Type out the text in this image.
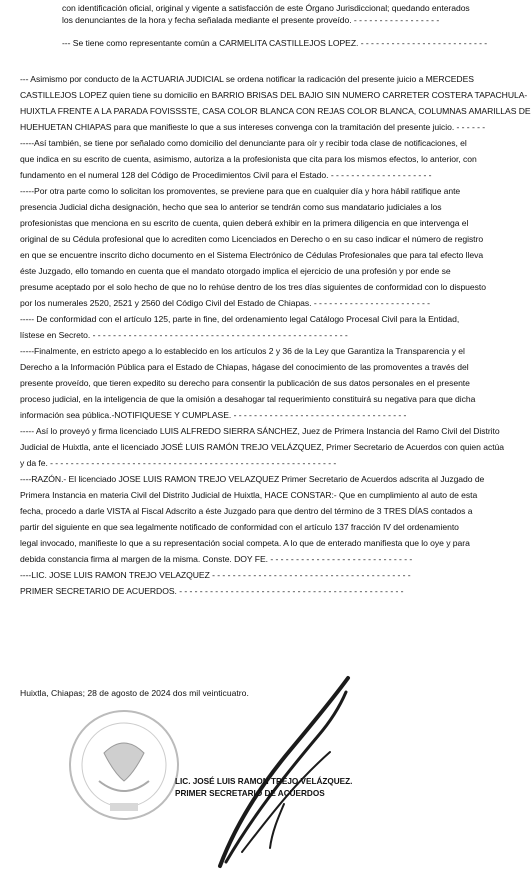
con identificación oficial, original y vigente a satisfacción de este Órgano Jurisdiccional; quedando enterados
los denunciantes de la hora y fecha señalada mediante el presente proveído. - - - - - - - - - - - - - - - - -
--- Se tiene como representante común a CARMELITA CASTILLEJOS LOPEZ. - - - - - - - - - - - - - - - - - - - - - - - - -
--- Asimismo por conducto de la ACTUARIA JUDICIAL se ordena notificar la radicación del presente juicio a MERCEDES
CASTILLEJOS LOPEZ quien tiene su domicilio en BARRIO BRISAS DEL BAJIO SIN NUMERO CARRETER COSTERA TAPACHULA-
HUIXTLA FRENTE A LA PARADA FOVISSSTE, CASA COLOR BLANCA CON REJAS COLOR BLANCA, COLUMNAS AMARILLAS DE
HUEHUETAN CHIAPAS para que manifieste lo que a sus intereses convenga con la tramitación del presente juicio. - - - - - -
-----Así también, se tiene por señalado como domicilio del denunciante para oír y recibir toda clase de notificaciones, el
que indica en su escrito de cuenta, asimismo, autoriza a la profesionista que cita para los mismos efectos, lo anterior, con
fundamento en el numeral 128 del Código de Procedimientos Civil para el Estado. - - - - - - - - - - - - - - - - - - - -
-----Por otra parte como lo solicitan los promoventes, se previene para que en cualquier día y hora hábil ratifique ante
presencia Judicial dicha designación, hecho que sea lo anterior se tendrán como sus mandatario judiciales a los
profesionistas que menciona en su escrito de cuenta, quien deberá exhibir en la primera diligencia en que intervenga el
original de su Cédula profesional que lo acrediten como Licenciados en Derecho o en su caso indicar el número de registro
en que se encuentre inscrito dicho documento en el Sistema Electrónico de Cédulas Profesionales que para tal efecto lleva
éste Juzgado, ello tomando en cuenta que el mandato otorgado implica el ejercicio de una profesión y por ende se
presume aceptado por el solo hecho de que no lo rehúse dentro de los tres días siguientes de conformidad con lo dispuesto
por los numerales 2520, 2521 y 2560 del Código Civil del Estado de Chiapas. - - - - - - - - - - - - - - - - - - - - - - -
----- De conformidad con el artículo 125, parte in fine, del ordenamiento legal Catálogo Procesal Civil para la Entidad,
lístese en Secreto. - - - - - - - - - - - - - - - - - - - - - - - - - - - - - - - - - - - - - - - - - - - - - - - - - -
-----Finalmente, en estricto apego a lo establecido en los artículos 2 y 36 de la Ley que Garantiza la Transparencia y el
Derecho a la Información Pública para el Estado de Chiapas, hágase del conocimiento de las promoventes a través del
presente proveído, que tieren expedito su derecho para consentir la publicación de sus datos personales en el presente
proceso judicial, en la inteligencia de que la omisión a desahogar tal requerimiento constituirá su negativa para que dicha
información sea pública.-NOTIFIQUESE Y CUMPLASE. - - - - - - - - - - - - - - - - - - - - - - - - - - - - - - - - - -
----- Así lo proveyó y firma licenciado LUIS ALFREDO SIERRA SÁNCHEZ, Juez de Primera Instancia del Ramo Civil del Distrito
Judicial de Huixtla, ante el licenciado JOSÉ LUIS RAMÓN TREJO VELÁZQUEZ, Primer Secretario de Acuerdos con quien actúa
y da fe. - - - - - - - - - - - - - - - - - - - - - - - - - - - - - - - - - - - - - - - - - - - - - - - - - - - - - - - -
----RAZÓN.- El licenciado JOSE LUIS RAMON TREJO VELAZQUEZ Primer Secretario de Acuerdos adscrita al Juzgado de
Primera Instancia en materia Civil del Distrito Judicial de Huixtla, HACE CONSTAR:- Que en cumplimiento al auto de esta
fecha, procedo a darle VISTA al Fiscal Adscrito a éste Juzgado para que dentro del término de 3 TRES DÍAS contados a
partir del siguiente en que sea legalmente notificado de conformidad con el artículo 137 fracción IV del ordenamiento
legal invocado, manifieste lo que a su representación social competa. A lo que de enterado manifiesta que lo oye y para
debida constancia firma al margen de la misma. Conste. DOY FE. - - - - - - - - - - - - - - - - - - - - - - - - - - - -
----LIC. JOSE LUIS RAMON TREJO VELAZQUEZ - - - - - - - - - - - - - - - - - - - - - - - - - - - - - - - - - - - - - - -
PRIMER SECRETARIO DE ACUERDOS. - - - - - - - - - - - - - - - - - - - - - - - - - - - - - - - - - - - - - - - - - - - -
Huixtla, Chiapas; 28 de agosto de 2024 dos mil veinticuatro.
LIC. JOSÉ LUIS RAMON TREJO VELÁZQUEZ.
PRIMER SECRETARIO DE ACUERDOS
